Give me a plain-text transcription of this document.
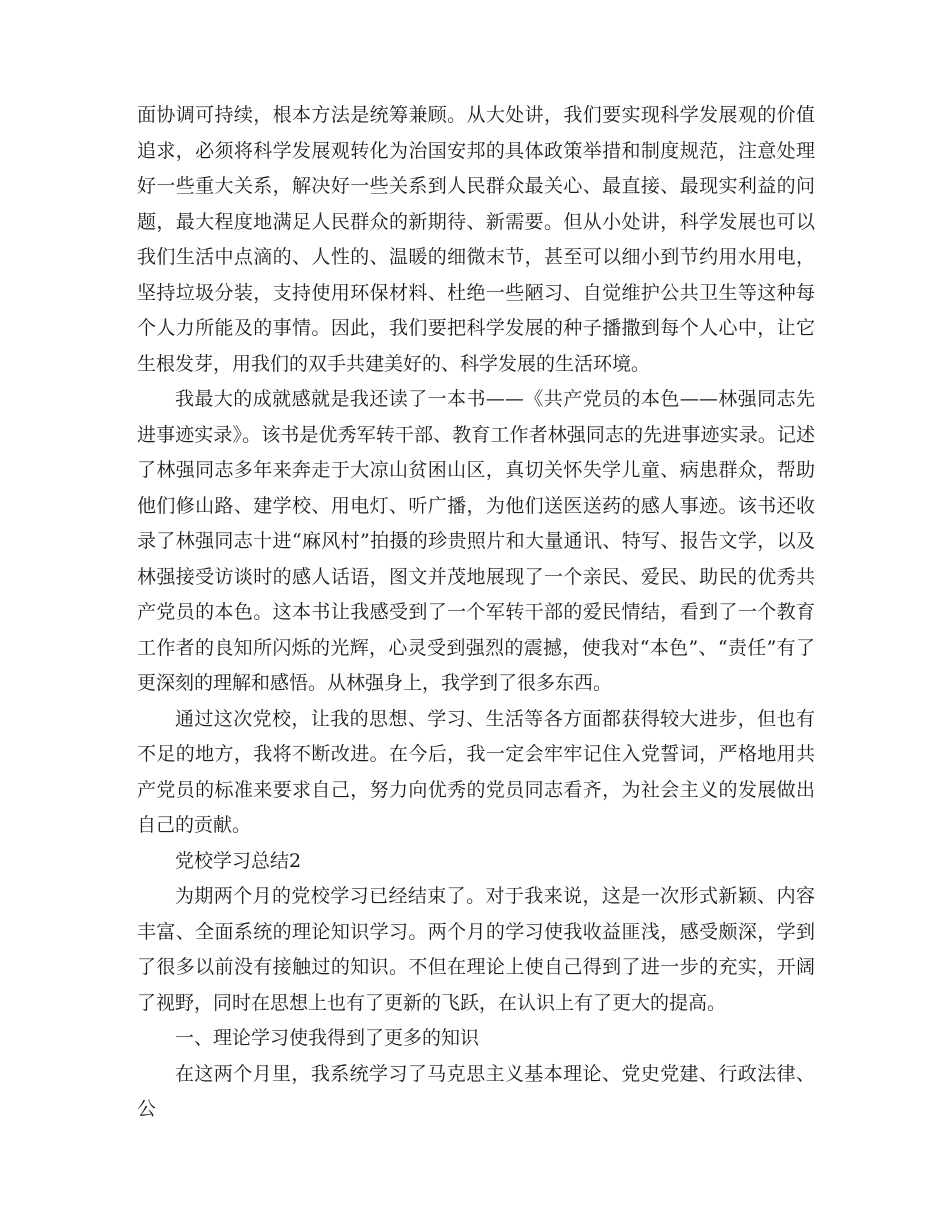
面协调可持续，根本方法是统筹兼顾。从大处讲，我们要实现科学发展观的价值追求，必须将科学发展观转化为治国安邦的具体政策举措和制度规范，注意处理好一些重大关系，解决好一些关系到人民群众最关心、最直接、最现实利益的问题，最大程度地满足人民群众的新期待、新需要。但从小处讲，科学发展也可以我们生活中点滴的、人性的、温暖的细微末节，甚至可以细小到节约用水用电，坚持垃圾分装，支持使用环保材料、杜绝一些陋习、自觉维护公共卫生等这种每个人力所能及的事情。因此，我们要把科学发展的种子播撒到每个人心中，让它生根发芽，用我们的双手共建美好的、科学发展的生活环境。

我最大的成就感就是我还读了一本书——《共产党员的本色——林强同志先进事迹实录》。该书是优秀军转干部、教育工作者林强同志的先进事迹实录。记述了林强同志多年来奔走于大凉山贫困山区，真切关怀失学儿童、病患群众，帮助他们修山路、建学校、用电灯、听广播，为他们送医送药的感人事迹。该书还收录了林强同志十进“麻风村”拍摄的珍贵照片和大量通讯、特写、报告文学，以及林强接受访谈时的感人话语，图文并茂地展现了一个亲民、爱民、助民的优秀共产党员的本色。这本书让我感受到了一个军转干部的爱民情结，看到了一个教育工作者的良知所闪烁的光辉，心灵受到强烈的震撼，使我对“本色”、“责任”有了更深刻的理解和感悟。从林强身上，我学到了很多东西。

通过这次党校，让我的思想、学习、生活等各方面都获得较大进步，但也有不足的地方，我将不断改进。在今后，我一定会牢牢记住入党誓词，严格地用共产党员的标准来要求自己，努力向优秀的党员同志看齐，为社会主义的发展做出自己的贡献。

党校学习总结2

为期两个月的党校学习已经结束了。对于我来说，这是一次形式新颖、内容丰富、全面系统的理论知识学习。两个月的学习使我收益匪浅，感受颇深，学到了很多以前没有接触过的知识。不但在理论上使自己得到了进一步的充实，开阔了视野，同时在思想上也有了更新的飞跃，在认识上有了更大的提高。

一、理论学习使我得到了更多的知识

在这两个月里，我系统学习了马克思主义基本理论、党史党建、行政法律、公
